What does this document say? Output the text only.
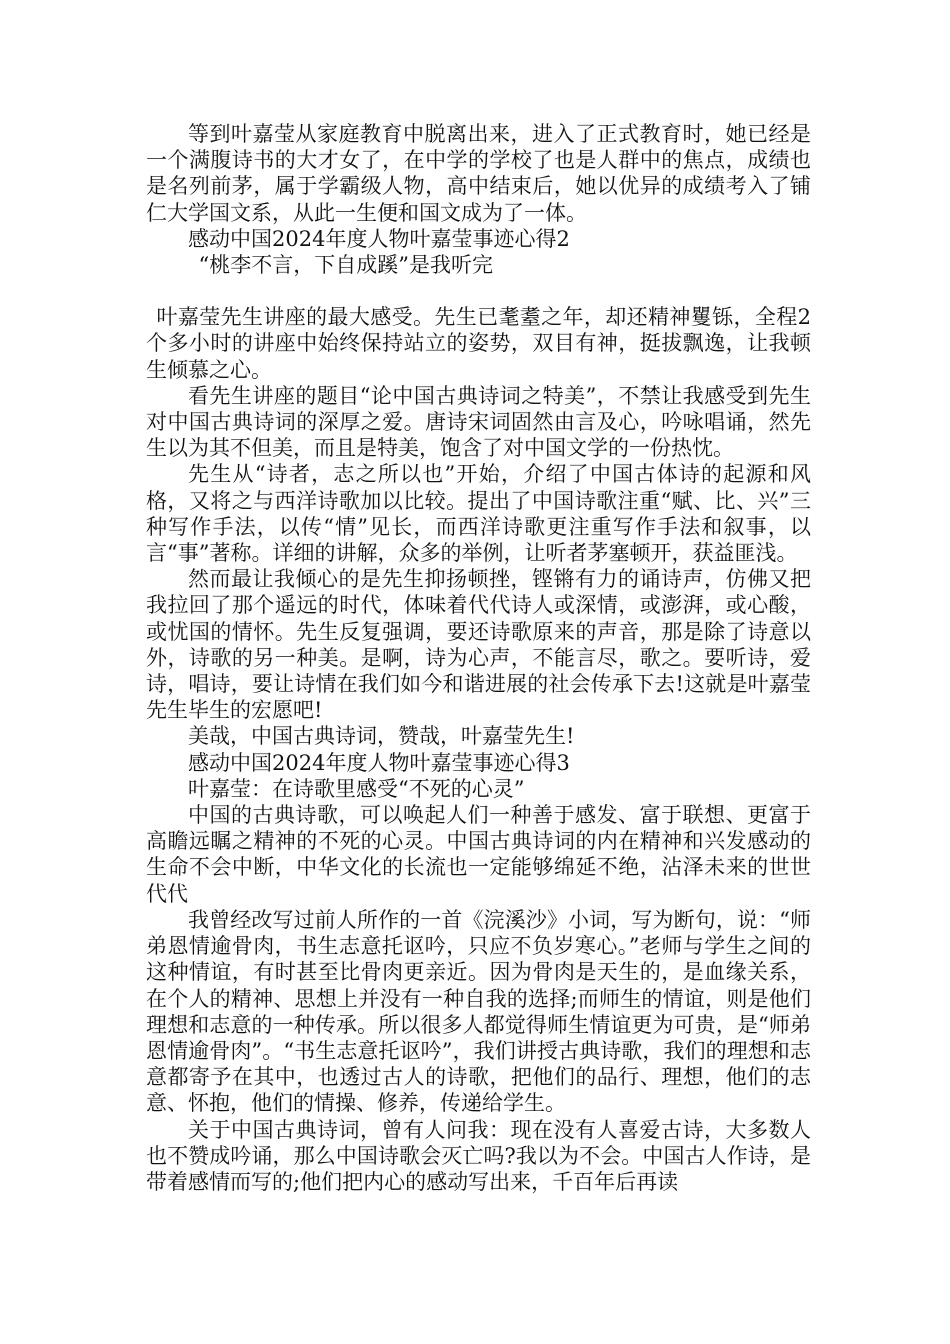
等到叶嘉莹从家庭教育中脱离出来，进入了正式教育时，她已经是一个满腹诗书的大才女了，在中学的学校了也是人群中的焦点，成绩也是名列前茅，属于学霸级人物，高中结束后，她以优异的成绩考入了铺仁大学国文系，从此一生便和国文成为了一体。

感动中国2024年度人物叶嘉莹事迹心得2

“桃李不言，下自成蹊”是我听完

叶嘉莹先生讲座的最大感受。先生已耄耋之年，却还精神矍铄，全程2个多小时的讲座中始终保持站立的姿势，双目有神，挺拔飘逸，让我顿生倾慕之心。

看先生讲座的题目“论中国古典诗词之特美”，不禁让我感受到先生对中国古典诗词的深厚之爱。唐诗宋词固然由言及心，吟咏唱诵，然先生以为其不但美，而且是特美，饱含了对中国文学的一份热忱。

先生从“诗者，志之所以也”开始，介绍了中国古体诗的起源和风格，又将之与西洋诗歌加以比较。提出了中国诗歌注重“赋、比、兴”三种写作手法，以传“情”见长，而西洋诗歌更注重写作手法和叙事，以言“事”著称。详细的讲解，众多的举例，让听者茅塞顿开，获益匪浅。

然而最让我倾心的是先生抑扬顿挫，铿锵有力的诵诗声，仿佛又把我拉回了那个遥远的时代，体味着代代诗人或深情，或澎湃，或心酸，或忧国的情怀。先生反复强调，要还诗歌原来的声音，那是除了诗意以外，诗歌的另一种美。是啊，诗为心声，不能言尽，歌之。要听诗，爱诗，唱诗，要让诗情在我们如今和谐进展的社会传承下去!这就是叶嘉莹先生毕生的宏愿吧!

美哉，中国古典诗词，赞哉，叶嘉莹先生!

感动中国2024年度人物叶嘉莹事迹心得3

叶嘉莹：在诗歌里感受“不死的心灵”

中国的古典诗歌，可以唤起人们一种善于感发、富于联想、更富于高瞻远瞩之精神的不死的心灵。中国古典诗词的内在精神和兴发感动的生命不会中断，中华文化的长流也一定能够绵延不绝，沾泽未来的世世代代

我曾经改写过前人所作的一首《浣溪沙》小词，写为断句，说：“师弟恩情逾骨肉，书生志意托讴吟，只应不负岁寒心。”老师与学生之间的这种情谊，有时甚至比骨肉更亲近。因为骨肉是天生的，是血缘关系，在个人的精神、思想上并没有一种自我的选择;而师生的情谊，则是他们理想和志意的一种传承。所以很多人都觉得师生情谊更为可贵，是“师弟恩情逾骨肉”。“书生志意托讴吟”，我们讲授古典诗歌，我们的理想和志意都寄予在其中，也透过古人的诗歌，把他们的品行、理想，他们的志意、怀抱，他们的情操、修养，传递给学生。

关于中国古典诗词，曾有人问我：现在没有人喜爱古诗，大多数人也不赞成吟诵，那么中国诗歌会灭亡吗?我以为不会。中国古人作诗，是带着感情而写的;他们把内心的感动写出来，千百年后再读
